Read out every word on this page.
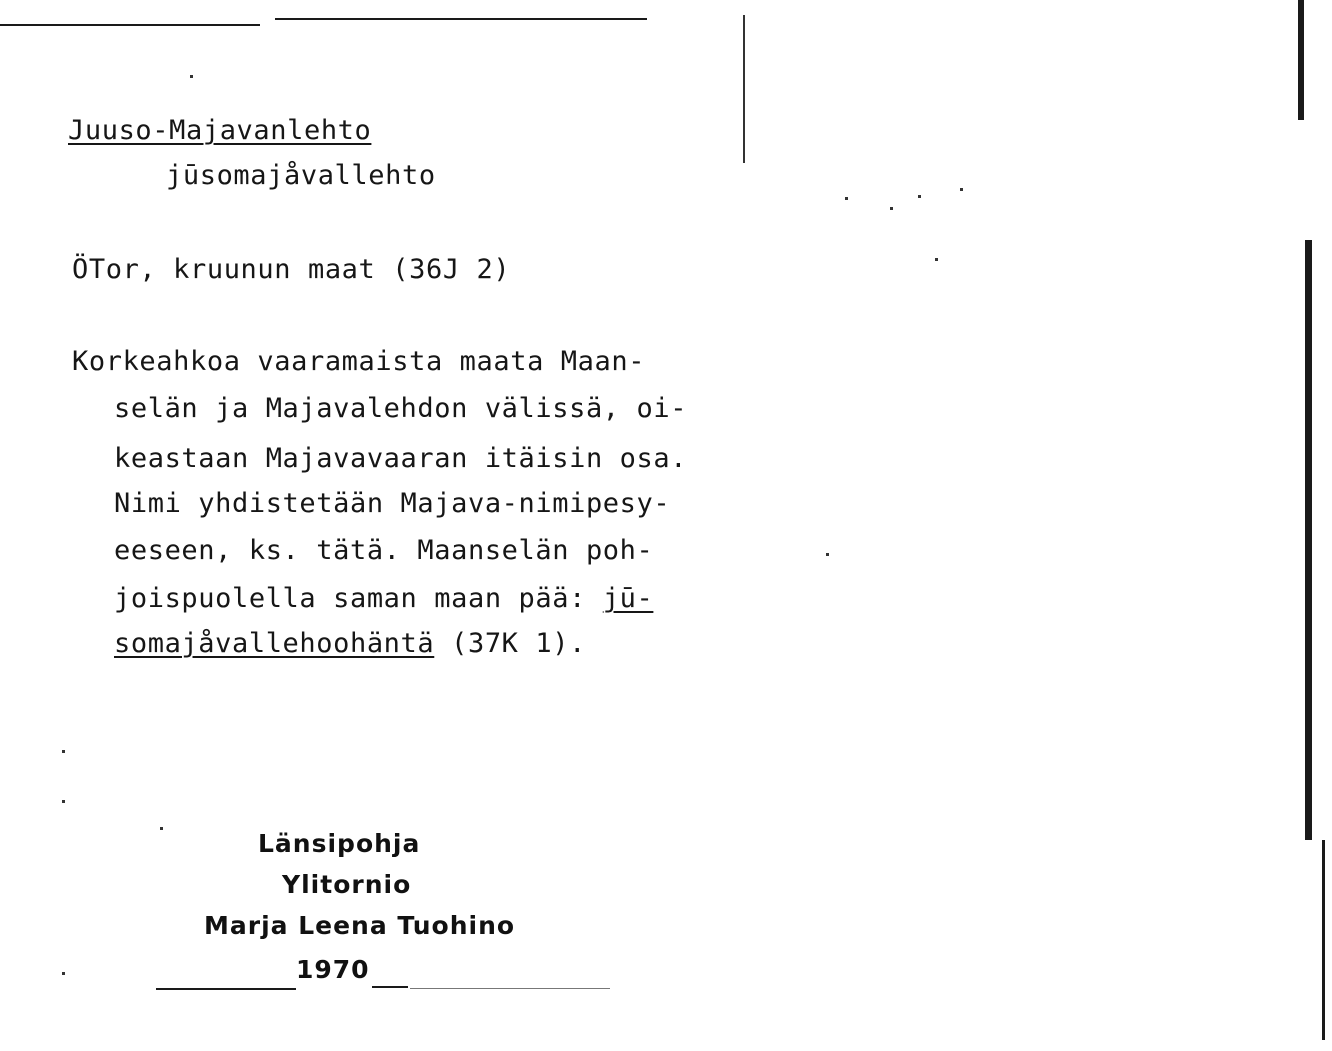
Juuso-Majavanlehto
jūsomajåvallehto
ÖTor, kruunun maat (36J 2)
Korkeahkoa vaaramaista maata Maan-
selän ja Majavalehdon välissä, oi-
keastaan Majavavaaran itäisin osa.
Nimi yhdistetään Majava-nimipesy-
eeseen, ks. tätä. Maanselän poh-
joispuolella saman maan pää: jū-
somajåvallehoohäntä (37K 1).
Länsipohja
Ylitornio
Marja Leena Tuohino
1970
